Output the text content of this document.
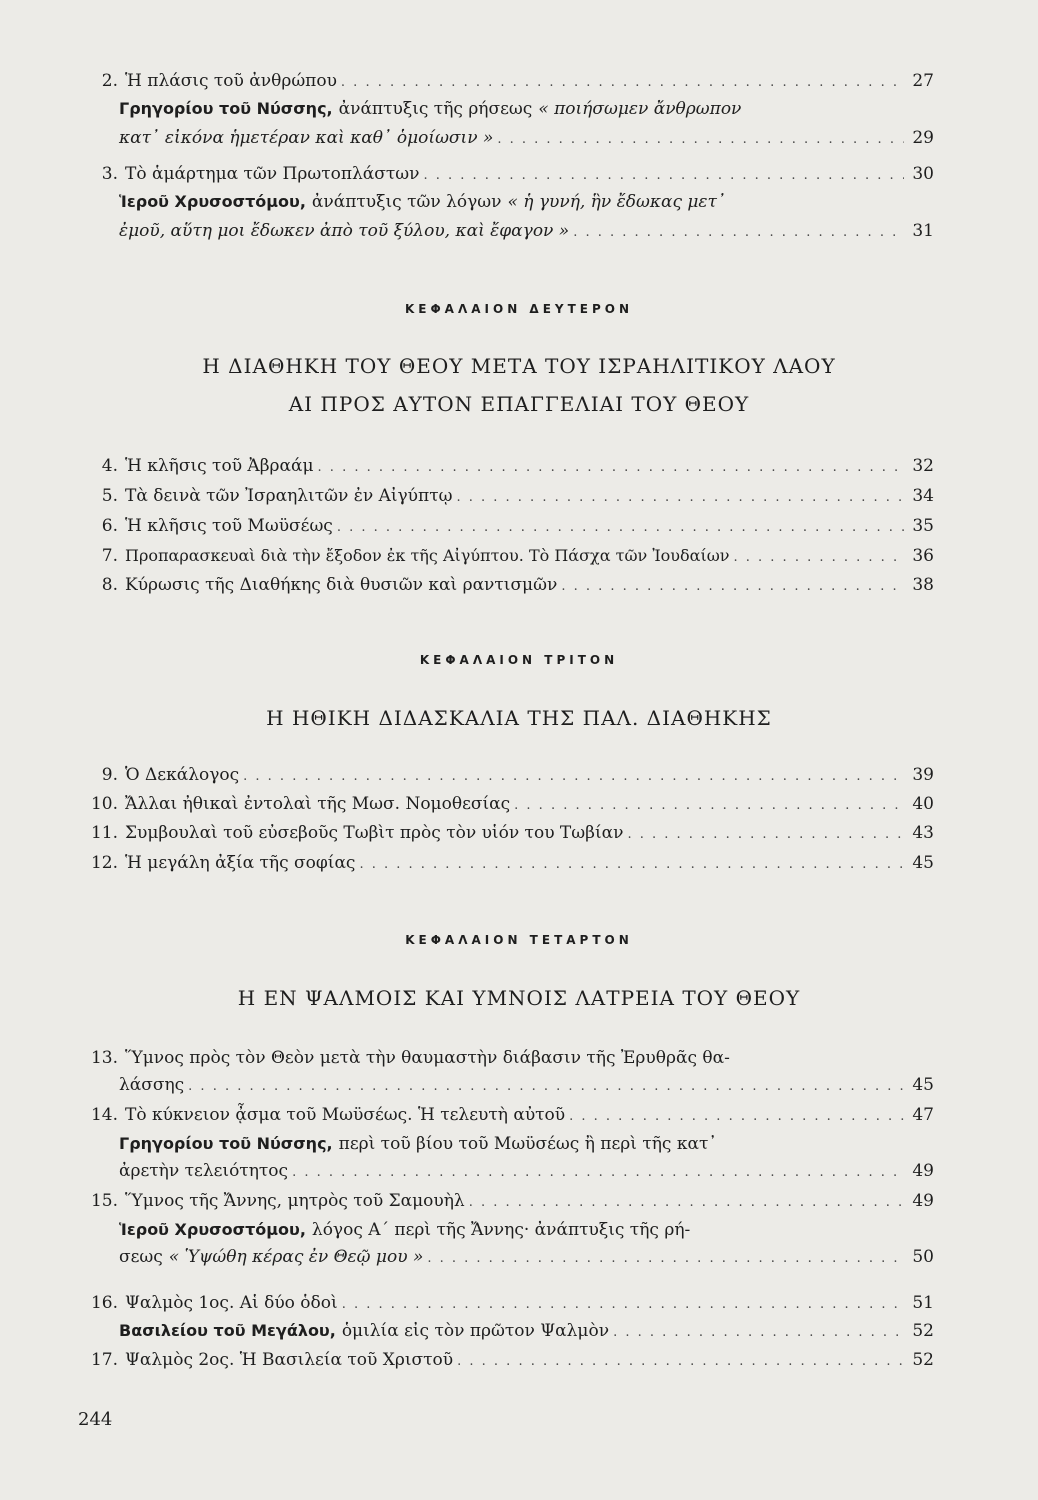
2. Ἡ πλάσις τοῦ ἀνθρώπου . . .	27
Γρηγορίου τοῦ Νύσσης, ἀνάπτυξις τῆς ρήσεως « ποιήσωμεν ἄνθρωπον
κατ᾽ εἰκόνα ἡμετέραν καὶ καθ᾽ ὁμοίωσιν » . . .	29
3. Τὸ ἁμάρτημα τῶν Πρωτοπλάστων . . .	30
Ἱεροῦ Χρυσοστόμου, ἀνάπτυξις τῶν λόγων « ἡ γυνή, ἣν ἔδωκας μετ᾽
ἐμοῦ, αὕτη μοι ἔδωκεν ἀπὸ τοῦ ξύλου, καὶ ἔφαγον » . . .	31
ΚΕΦΑΛΑΙΟΝ ΔΕΥΤΕΡΟΝ
Η ΔΙΑΘΗΚΗ ΤΟΥ ΘΕΟΥ ΜΕΤΑ ΤΟΥ ΙΣΡΑΗΛΙΤΙΚΟΥ ΛΑΟΥ
ΑΙ ΠΡΟΣ ΑΥΤΟΝ ΕΠΑΓΓΕΛΙΑΙ ΤΟΥ ΘΕΟΥ
4. Ἡ κλῆσις τοῦ Ἀβραάμ . . .	32
5. Τὰ δεινὰ τῶν Ἰσραηλιτῶν ἐν Αἰγύπτῳ . . .	34
6. Ἡ κλῆσις τοῦ Μωϋσέως . . .	35
7. Προπαρασκευαὶ διὰ τὴν ἔξοδον ἐκ τῆς Αἰγύπτου. Τὸ Πάσχα τῶν Ἰουδαίων . . .	36
8. Κύρωσις τῆς Διαθήκης διὰ θυσιῶν καὶ ραντισμῶν . . .	38
ΚΕΦΑΛΑΙΟΝ ΤΡΙΤΟΝ
Η ΗΘΙΚΗ ΔΙΔΑΣΚΑΛΙΑ ΤΗΣ ΠΑΛ. ΔΙΑΘΗΚΗΣ
9. Ὁ Δεκάλογος . . .	39
10. Ἄλλαι ἠθικαὶ ἐντολαὶ τῆς Μωσ. Νομοθεσίας . . .	40
11. Συμβουλαὶ τοῦ εὐσεβοῦς Τωβὶτ πρὸς τὸν υἱόν του Τωβίαν . . .	43
12. Ἡ μεγάλη ἀξία τῆς σοφίας . . .	45
ΚΕΦΑΛΑΙΟΝ ΤΕΤΑΡΤΟΝ
Η ΕΝ ΨΑΛΜΟΙΣ ΚΑΙ ΥΜΝΟΙΣ ΛΑΤΡΕΙΑ ΤΟΥ ΘΕΟΥ
13. Ὕμνος πρὸς τὸν Θεὸν μετὰ τὴν θαυμαστὴν διάβασιν τῆς Ἐρυθρᾶς θα-
λάσσης . . .	45
14. Τὸ κύκνειον ᾆσμα τοῦ Μωϋσέως. Ἡ τελευτὴ αὐτοῦ . . .	47
Γρηγορίου τοῦ Νύσσης, περὶ τοῦ βίου τοῦ Μωϋσέως ἢ περὶ τῆς κατ᾽
ἀρετὴν τελειότητος . . .	49
15. Ὕμνος τῆς Ἄννης, μητρὸς τοῦ Σαμουὴλ . . .	49
Ἱεροῦ Χρυσοστόμου, λόγος Α΄ περὶ τῆς Ἄννης· ἀνάπτυξις τῆς ρή-
σεως « Ὑψώθη κέρας ἐν Θεῷ μου » . . .	50
16. Ψαλμὸς 1ος. Αἱ δύο ὁδοὶ . . .	51
Βασιλείου τοῦ Μεγάλου, ὁμιλία εἰς τὸν πρῶτον Ψαλμὸν . . .	52
17. Ψαλμὸς 2ος. Ἡ Βασιλεία τοῦ Χριστοῦ . . .	52
244
